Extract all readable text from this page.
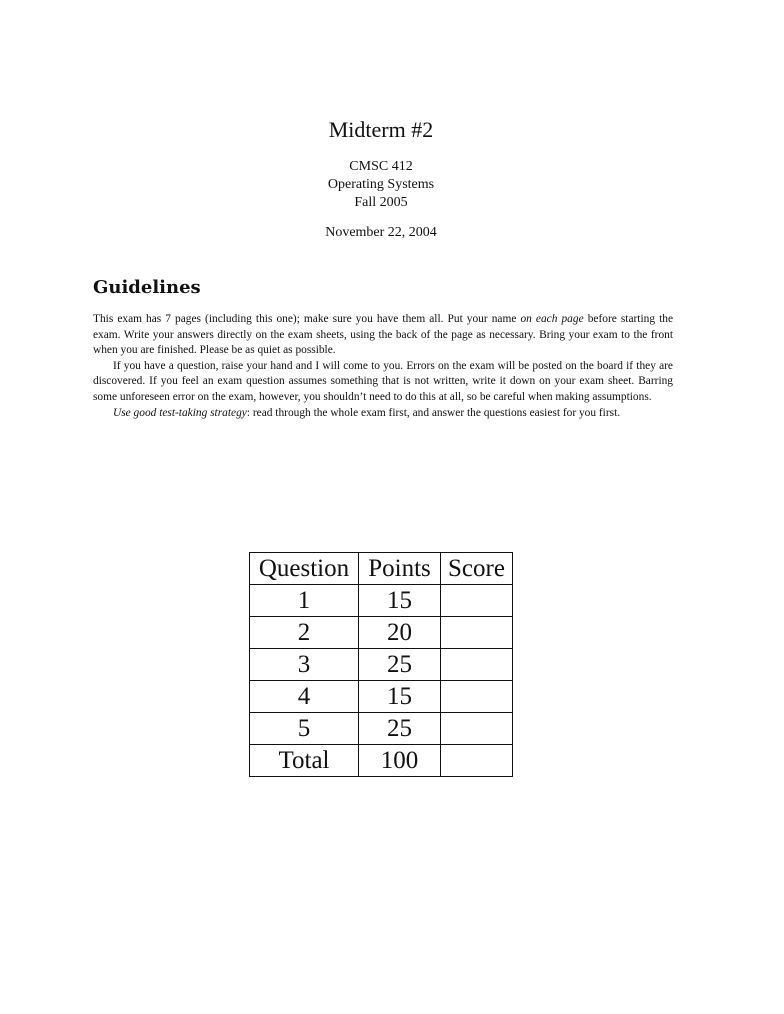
Midterm #2
CMSC 412
Operating Systems
Fall 2005
November 22, 2004
Guidelines

This exam has 7 pages (including this one); make sure you have them all. Put your name on each page before starting the exam. Write your answers directly on the exam sheets, using the back of the page as necessary. Bring your exam to the front when you are finished. Please be as quiet as possible.

If you have a question, raise your hand and I will come to you. Errors on the exam will be posted on the board if they are discovered. If you feel an exam question assumes something that is not written, write it down on your exam sheet. Barring some unforeseen error on the exam, however, you shouldn’t need to do this at all, so be careful when making assumptions.

Use good test-taking strategy: read through the whole exam first, and answer the questions easiest for you first.

Question	Points	Score
1	15	
2	20	
3	25	
4	15	
5	25	
Total	100	
